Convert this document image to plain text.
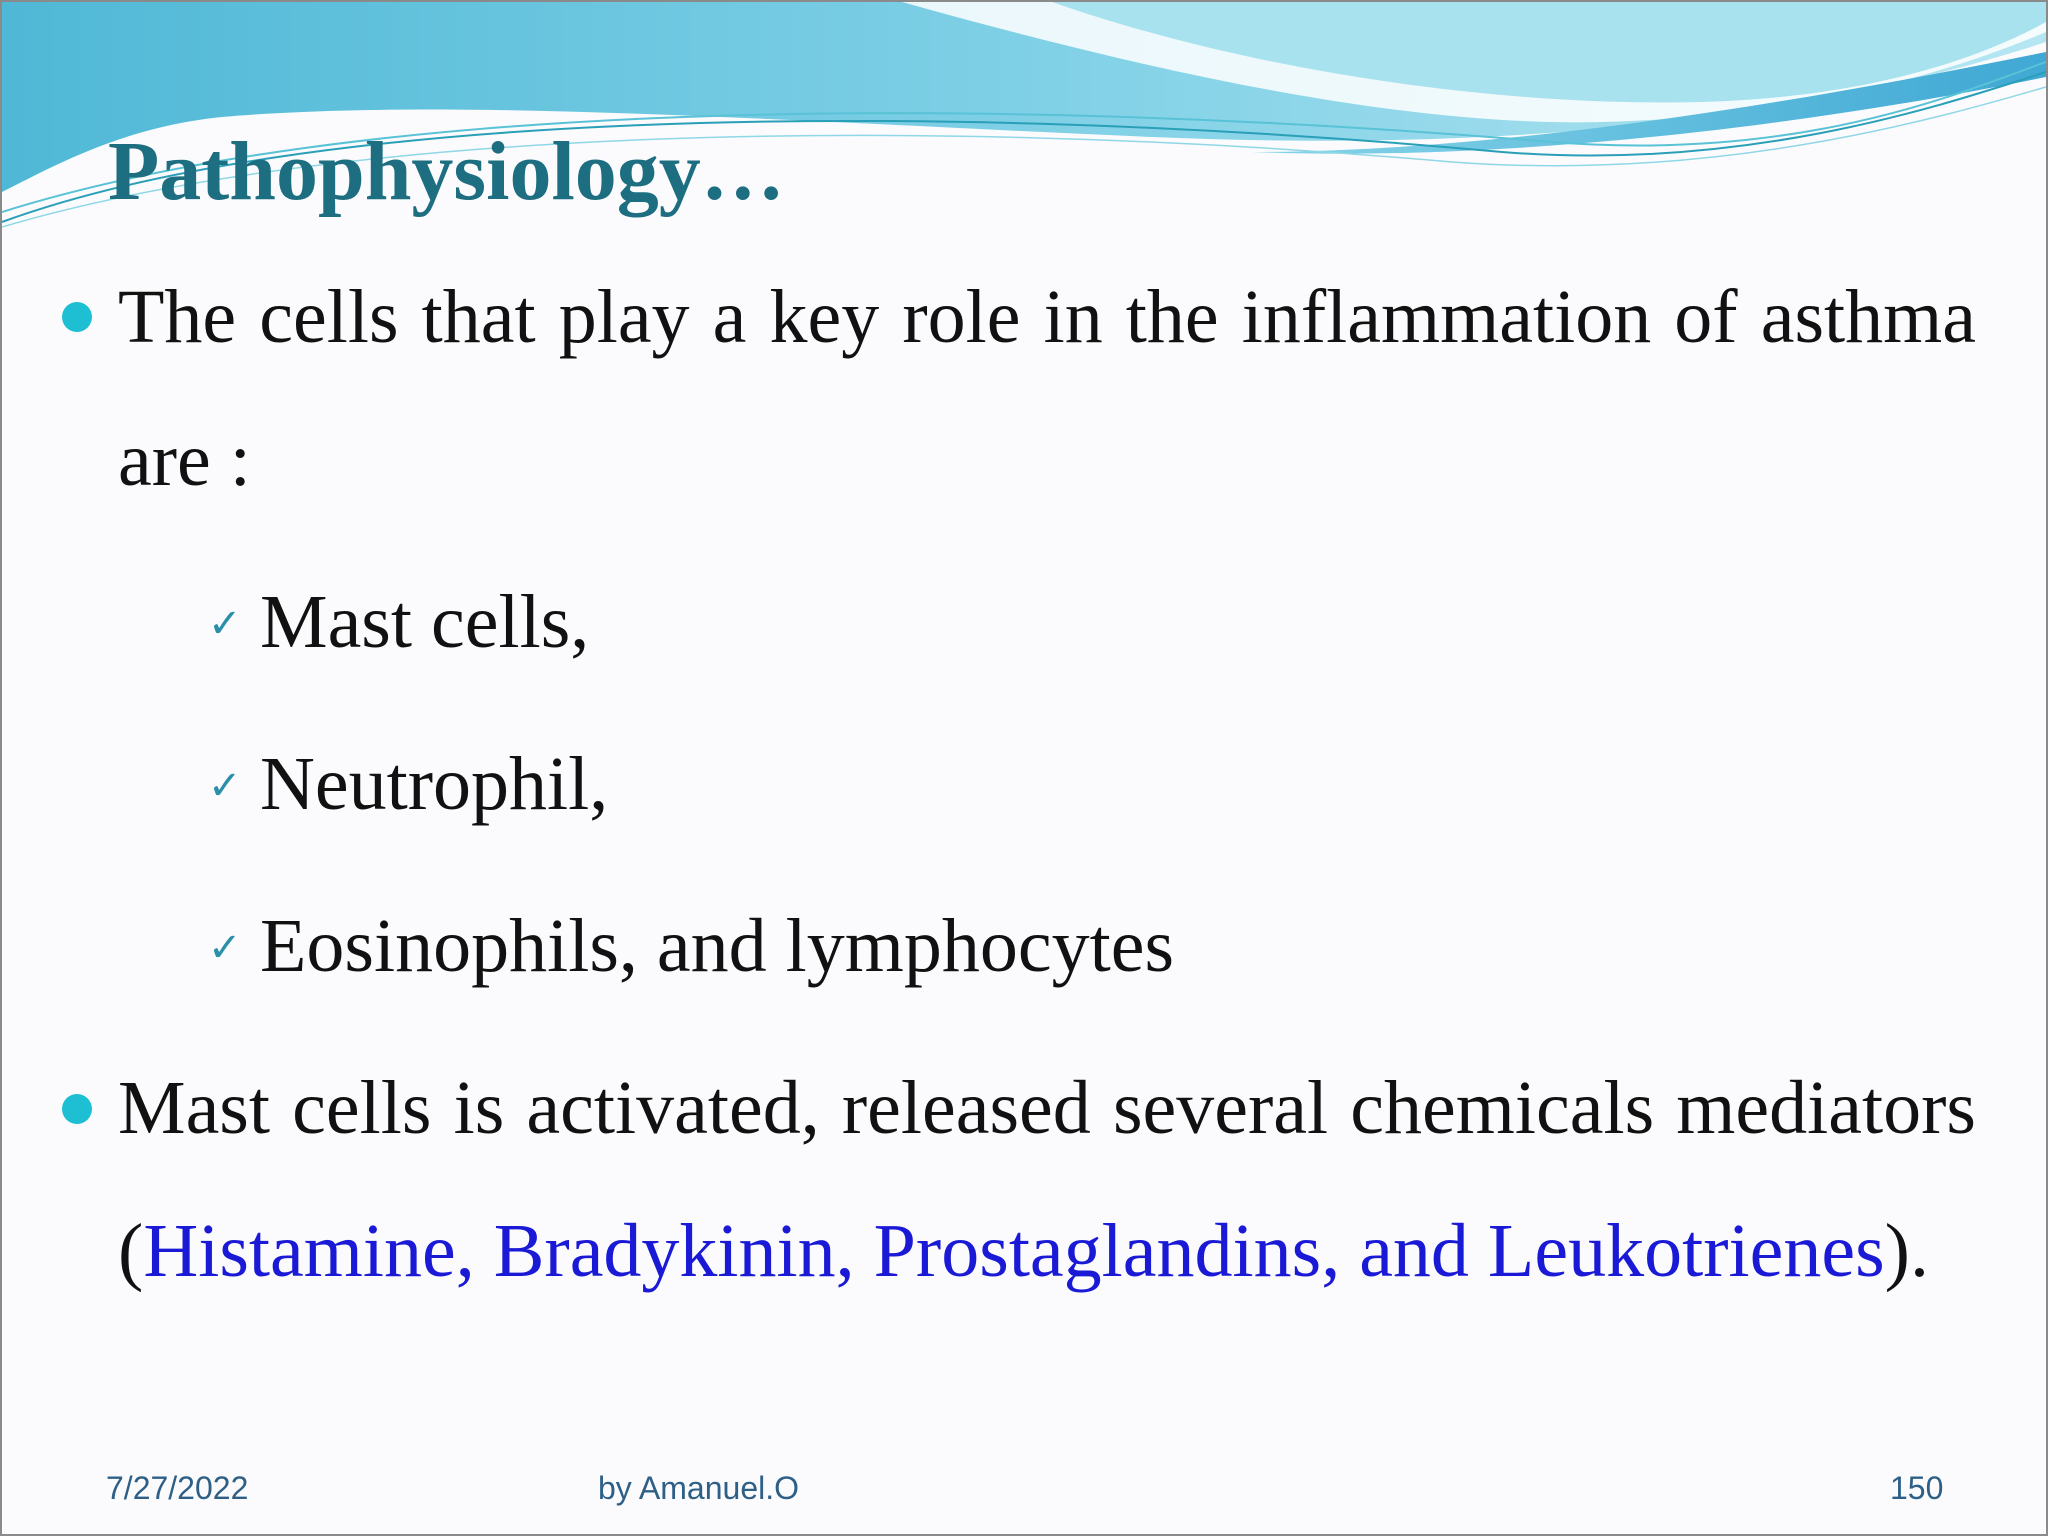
Pathophysiology…
The cells that play a key role in the inflammation of asthma are :
✓ Mast cells,
✓ Neutrophil,
✓ Eosinophils, and lymphocytes
Mast cells is activated, released several chemicals mediators (Histamine, Bradykinin, Prostaglandins, and Leukotrienes).
7/27/2022	by Amanuel.O	150
